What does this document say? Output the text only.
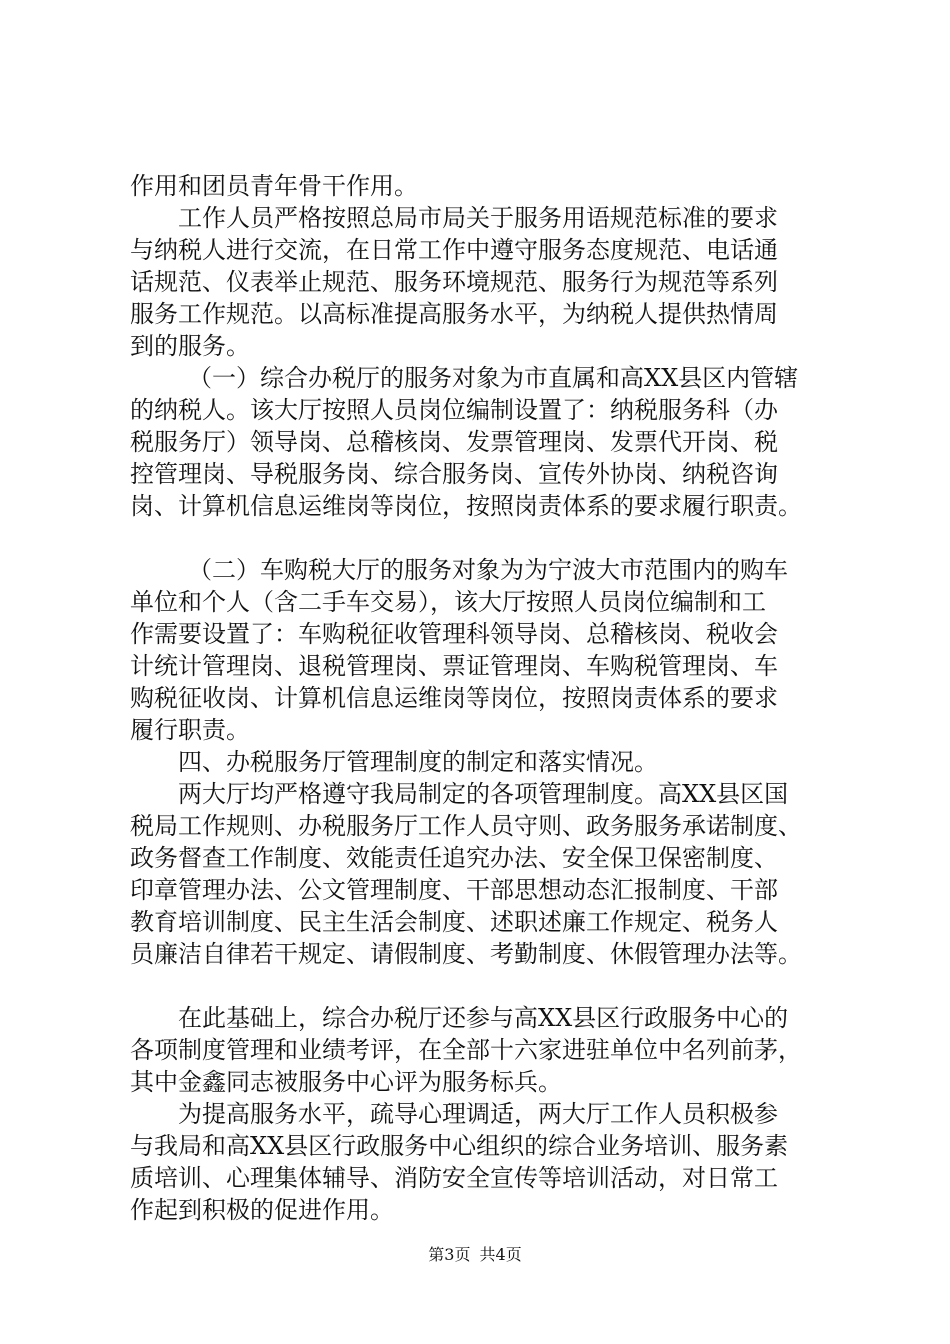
作用和团员青年骨干作用。
工作人员严格按照总局市局关于服务用语规范标准的要求
与纳税人进行交流，在日常工作中遵守服务态度规范、电话通
话规范、仪表举止规范、服务环境规范、服务行为规范等系列
服务工作规范。以高标准提高服务水平，为纳税人提供热情周
到的服务。
（一）综合办税厅的服务对象为市直属和高XX县区内管辖
的纳税人。该大厅按照人员岗位编制设置了：纳税服务科（办
税服务厅）领导岗、总稽核岗、发票管理岗、发票代开岗、税
控管理岗、导税服务岗、综合服务岗、宣传外协岗、纳税咨询
岗、计算机信息运维岗等岗位，按照岗责体系的要求履行职责。
（二）车购税大厅的服务对象为为宁波大市范围内的购车
单位和个人（含二手车交易），该大厅按照人员岗位编制和工
作需要设置了：车购税征收管理科领导岗、总稽核岗、税收会
计统计管理岗、退税管理岗、票证管理岗、车购税管理岗、车
购税征收岗、计算机信息运维岗等岗位，按照岗责体系的要求
履行职责。
四、办税服务厅管理制度的制定和落实情况。
两大厅均严格遵守我局制定的各项管理制度。高XX县区国
税局工作规则、办税服务厅工作人员守则、政务服务承诺制度、
政务督查工作制度、效能责任追究办法、安全保卫保密制度、
印章管理办法、公文管理制度、干部思想动态汇报制度、干部
教育培训制度、民主生活会制度、述职述廉工作规定、税务人
员廉洁自律若干规定、请假制度、考勤制度、休假管理办法等。
在此基础上，综合办税厅还参与高XX县区行政服务中心的
各项制度管理和业绩考评，在全部十六家进驻单位中名列前茅，
其中金鑫同志被服务中心评为服务标兵。
为提高服务水平，疏导心理调适，两大厅工作人员积极参
与我局和高XX县区行政服务中心组织的综合业务培训、服务素
质培训、心理集体辅导、消防安全宣传等培训活动，对日常工
作起到积极的促进作用。
第3页 共4页
